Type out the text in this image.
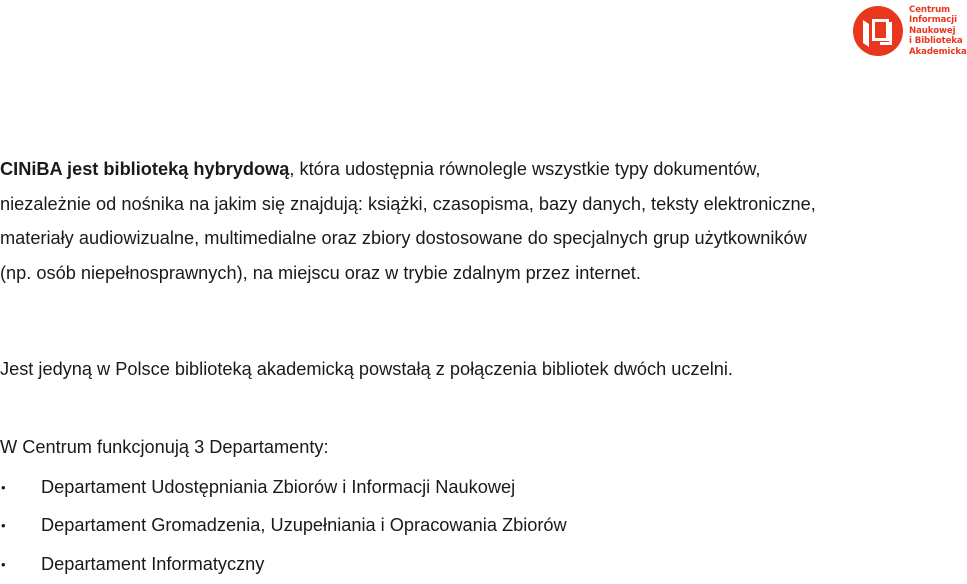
Centrum
Informacji
Naukowej
i Biblioteka
Akademicka

CINiBA jest biblioteką hybrydową, która udostępnia równolegle wszystkie typy dokumentów,
niezależnie od nośnika na jakim się znajdują: książki, czasopisma, bazy danych, teksty elektroniczne,
materiały audiowizualne, multimedialne oraz zbiory dostosowane do specjalnych grup użytkowników
(np. osób niepełnosprawnych), na miejscu oraz w trybie zdalnym przez internet.

Jest jedyną w Polsce biblioteką akademicką powstałą z połączenia bibliotek dwóch uczelni.

W Centrum funkcjonują 3 Departamenty:

•	Departament Udostępniania Zbiorów i Informacji Naukowej
•	Departament Gromadzenia, Uzupełniania i Opracowania Zbiorów
•	Departament Informatyczny
